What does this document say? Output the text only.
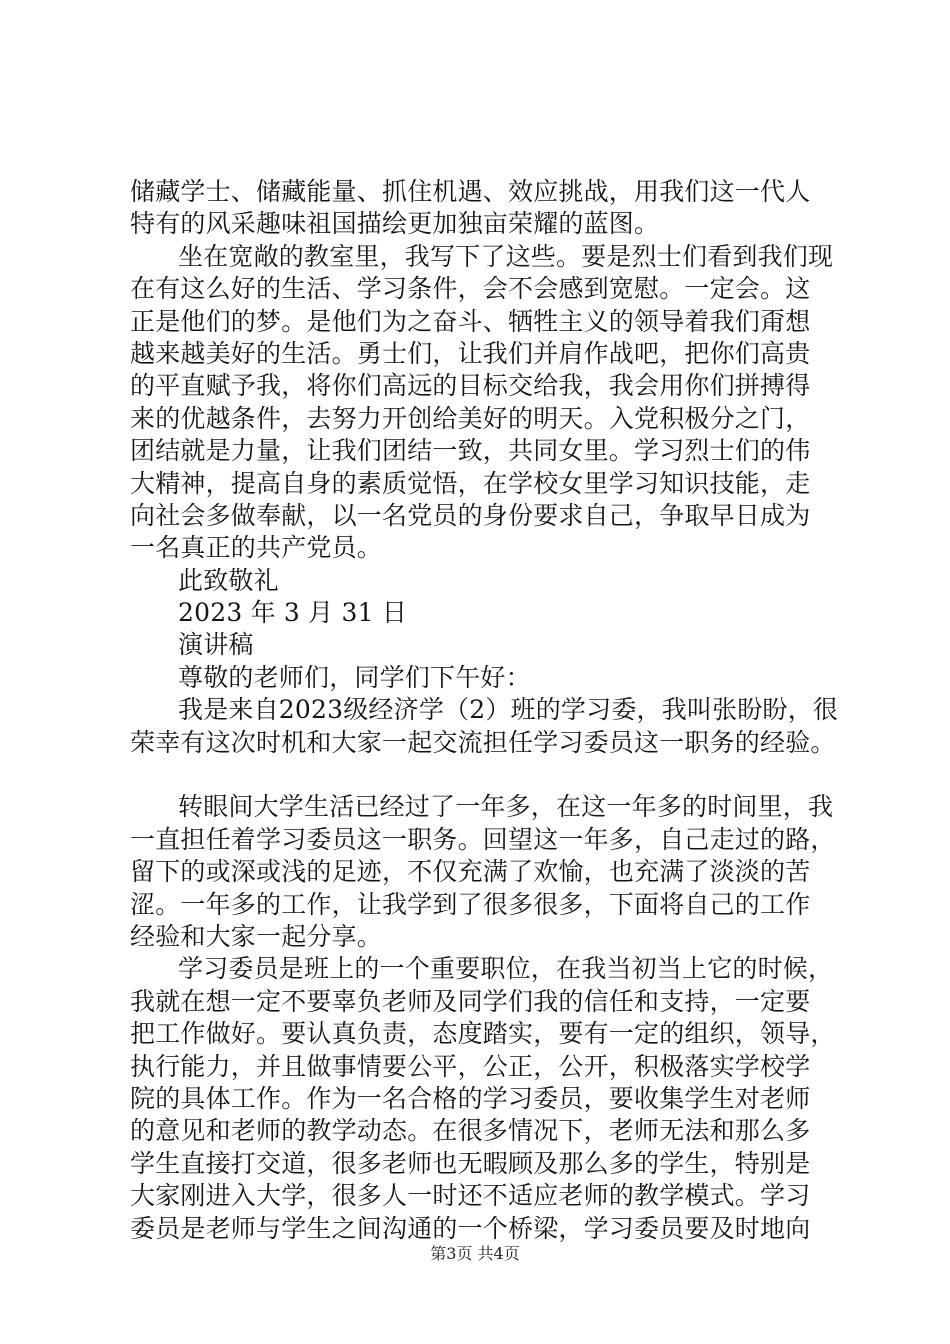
储藏学士、储藏能量、抓住机遇、效应挑战，用我们这一代人
特有的风采趣味祖国描绘更加独亩荣耀的蓝图。
坐在宽敞的教室里，我写下了这些。要是烈士们看到我们现
在有这么好的生活、学习条件，会不会感到宽慰。一定会。这
正是他们的梦。是他们为之奋斗、牺牲主义的领导着我们甭想
越来越美好的生活。勇士们，让我们并肩作战吧，把你们高贵
的平直赋予我，将你们高远的目标交给我，我会用你们拼搏得
来的优越条件，去努力开创给美好的明天。入党积极分之门，
团结就是力量，让我们团结一致，共同女里。学习烈士们的伟
大精神，提高自身的素质觉悟，在学校女里学习知识技能，走
向社会多做奉献，以一名党员的身份要求自己，争取早日成为
一名真正的共产党员。
此致敬礼
2023 年 3 月 31 日
演讲稿
尊敬的老师们，同学们下午好：
我是来自2023级经济学（2）班的学习委，我叫张盼盼，很
荣幸有这次时机和大家一起交流担任学习委员这一职务的经验。
转眼间大学生活已经过了一年多，在这一年多的时间里，我
一直担任着学习委员这一职务。回望这一年多，自己走过的路，
留下的或深或浅的足迹，不仅充满了欢愉，也充满了淡淡的苦
涩。一年多的工作，让我学到了很多很多，下面将自己的工作
经验和大家一起分享。
学习委员是班上的一个重要职位，在我当初当上它的时候，
我就在想一定不要辜负老师及同学们我的信任和支持，一定要
把工作做好。要认真负责，态度踏实，要有一定的组织，领导，
执行能力，并且做事情要公平，公正，公开，积极落实学校学
院的具体工作。作为一名合格的学习委员，要收集学生对老师
的意见和老师的教学动态。在很多情况下，老师无法和那么多
学生直接打交道，很多老师也无暇顾及那么多的学生，特别是
大家刚进入大学，很多人一时还不适应老师的教学模式。学习
委员是老师与学生之间沟通的一个桥梁，学习委员要及时地向
第3页 共4页
